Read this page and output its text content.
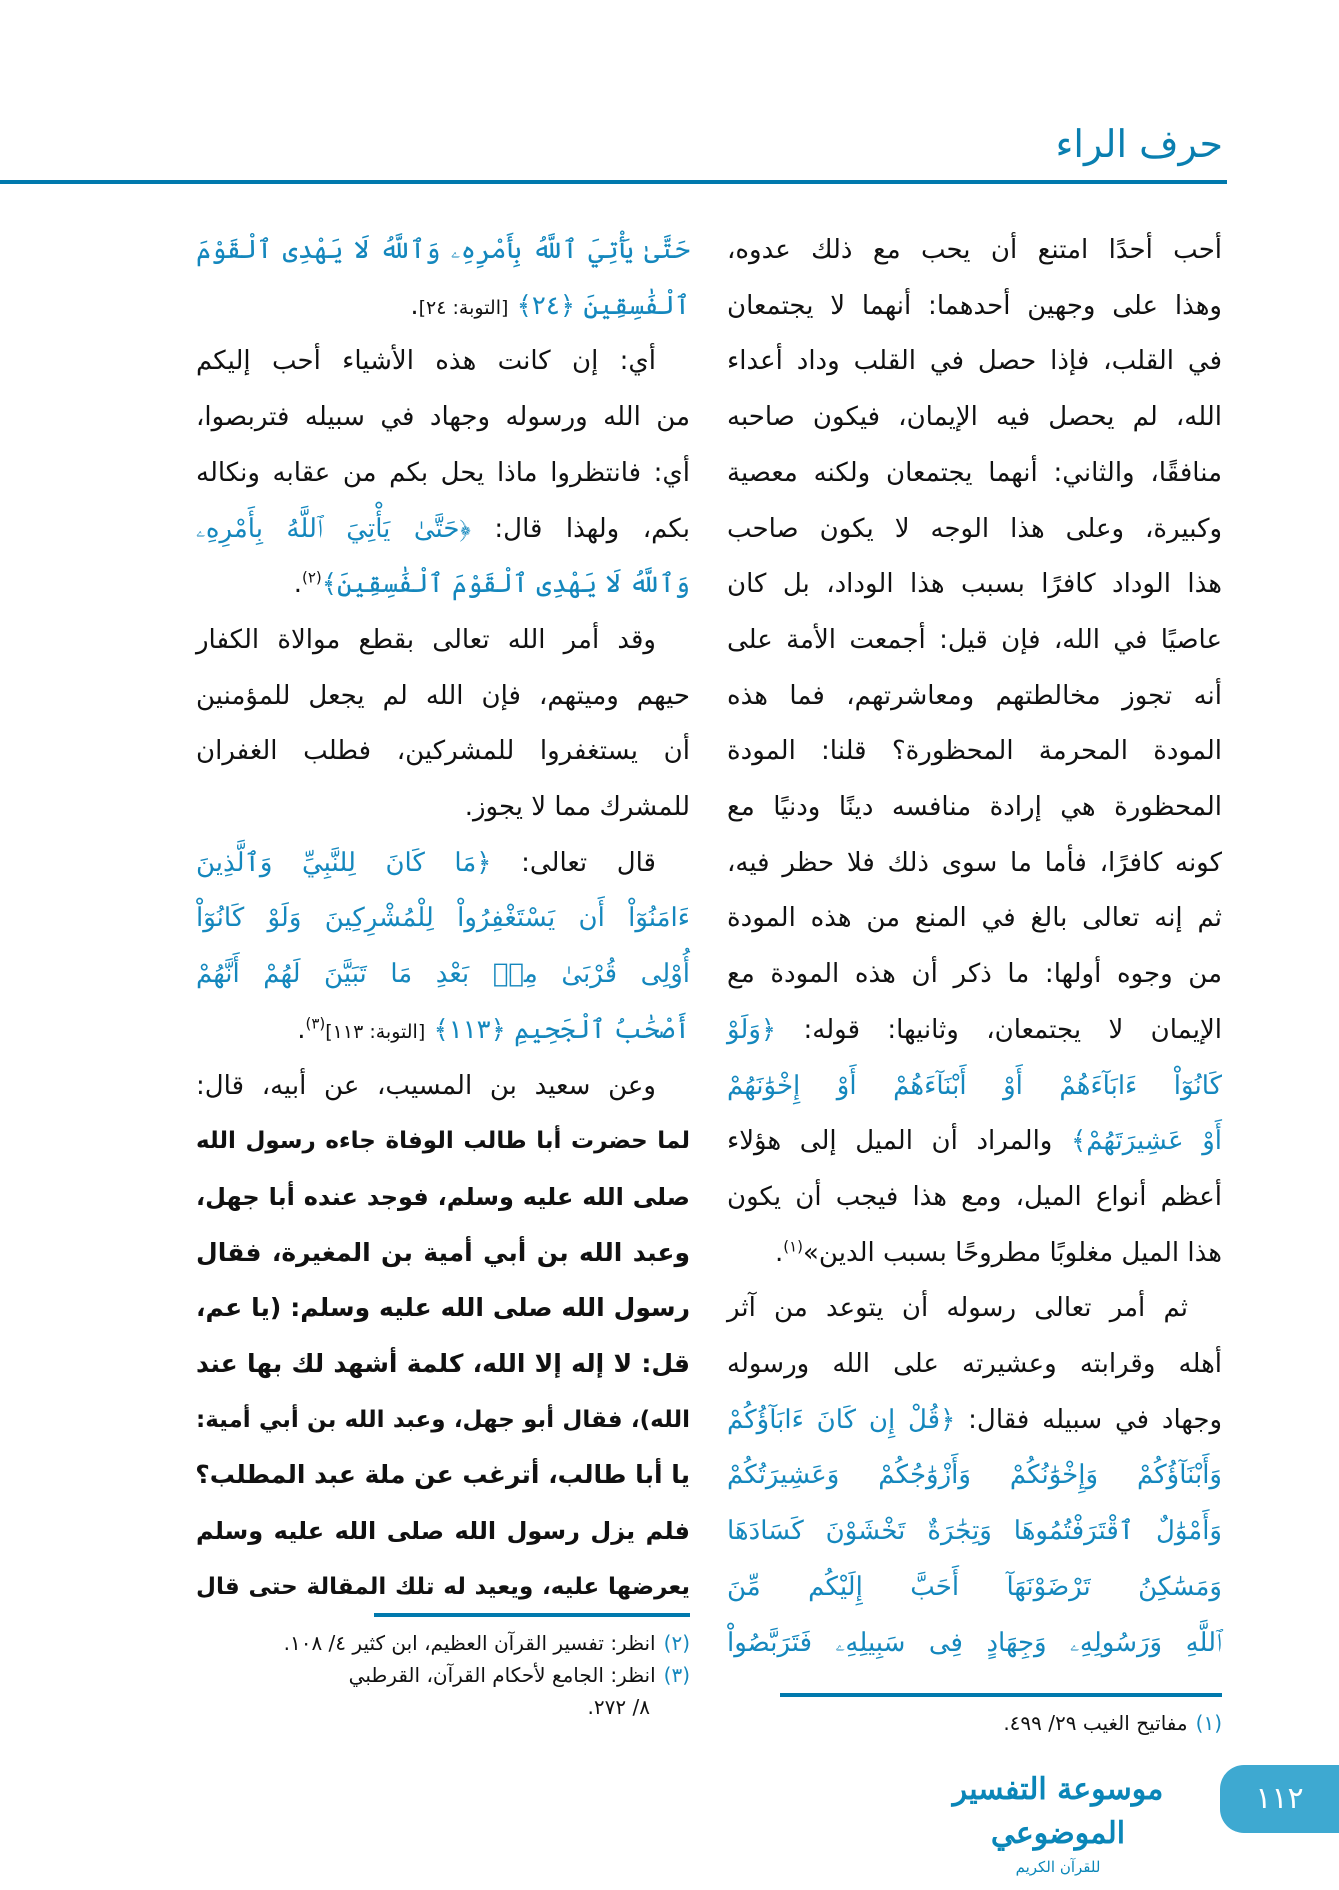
حرف الراء
أحب أحدًا امتنع أن يحب مع ذلك عدوه،
وهذا على وجهين أحدهما: أنهما لا يجتمعان
في القلب، فإذا حصل في القلب وداد أعداء
الله، لم يحصل فيه الإيمان، فيكون صاحبه
منافقًا، والثاني: أنهما يجتمعان ولكنه معصية
وكبيرة، وعلى هذا الوجه لا يكون صاحب
هذا الوداد كافرًا بسبب هذا الوداد، بل كان
عاصيًا في الله، فإن قيل: أجمعت الأمة على
أنه تجوز مخالطتهم ومعاشرتهم، فما هذه
المودة المحرمة المحظورة؟ قلنا: المودة
المحظورة هي إرادة منافسه دينًا ودنيًا مع
كونه كافرًا، فأما ما سوى ذلك فلا حظر فيه،
ثم إنه تعالى بالغ في المنع من هذه المودة
من وجوه أولها: ما ذكر أن هذه المودة مع
الإيمان لا يجتمعان، وثانيها: قوله: ﴿وَلَوْ
كَانُوٓاْ ءَابَآءَهُمْ أَوْ أَبْنَآءَهُمْ أَوْ إِخْوَٰنَهُمْ
أَوْ عَشِيرَتَهُمْ﴾ والمراد أن الميل إلى هؤلاء
أعظم أنواع الميل، ومع هذا فيجب أن يكون
هذا الميل مغلوبًا مطروحًا بسبب الدين»$^{(١)}$.
ثم أمر تعالى رسوله أن يتوعد من آثر
أهله وقرابته وعشيرته على الله ورسوله
وجهاد في سبيله فقال: ﴿قُلْ إِن كَانَ ءَابَآؤُكُمْ
وَأَبْنَآؤُكُمْ وَإِخْوَٰنُكُمْ وَأَزْوَٰجُكُمْ وَعَشِيرَتُكُمْ
وَأَمْوَٰلٌ ٱقْتَرَفْتُمُوهَا وَتِجَٰرَةٌ تَخْشَوْنَ كَسَادَهَا
وَمَسَٰكِنُ تَرْضَوْنَهَآ أَحَبَّ إِلَيْكُم مِّنَ
ٱللَّهِ وَرَسُولِهِۦ وَجِهَادٍ فِى سَبِيلِهِۦ فَتَرَبَّصُواْ
حَتَّىٰ يَأْتِيَ ٱللَّهُ بِأَمْرِهِۦ وَٱللَّهُ لَا يَهْدِى ٱلْقَوْمَ
ٱلْفَٰسِقِينَ ﴿٢٤﴾ [التوبة: ٢٤].
أي: إن كانت هذه الأشياء أحب إليكم
من الله ورسوله وجهاد في سبيله فتربصوا،
أي: فانتظروا ماذا يحل بكم من عقابه ونكاله
بكم، ولهذا قال: ﴿حَتَّىٰ يَأْتِيَ ٱللَّهُ بِأَمْرِهِۦ
وَٱللَّهُ لَا يَهْدِى ٱلْقَوْمَ ٱلْفَٰسِقِينَ﴾$^{(٢)}$.
وقد أمر الله تعالى بقطع موالاة الكفار
حيهم وميتهم، فإن الله لم يجعل للمؤمنين
أن يستغفروا للمشركين، فطلب الغفران
للمشرك مما لا يجوز.
قال تعالى: ﴿مَا كَانَ لِلنَّبِيِّ وَٱلَّذِينَ
ءَامَنُوٓاْ أَن يَسْتَغْفِرُواْ لِلْمُشْرِكِينَ وَلَوْ كَانُوٓاْ
أُوْلِى قُرْبَىٰ مِنۢ بَعْدِ مَا تَبَيَّنَ لَهُمْ أَنَّهُمْ
أَصْحَٰبُ ٱلْجَحِيمِ ﴿١١٣﴾ [التوبة: ١١٣]$^{(٣)}$.
وعن سعيد بن المسيب، عن أبيه، قال:
لما حضرت أبا طالب الوفاة جاءه رسول الله
صلى الله عليه وسلم، فوجد عنده أبا جهل،
وعبد الله بن أبي أمية بن المغيرة، فقال
رسول الله صلى الله عليه وسلم: (يا عم،
قل: لا إله إلا الله، كلمة أشهد لك بها عند
الله)، فقال أبو جهل، وعبد الله بن أبي أمية:
يا أبا طالب، أترغب عن ملة عبد المطلب؟
فلم يزل رسول الله صلى الله عليه وسلم
يعرضها عليه، ويعيد له تلك المقالة حتى قال
(١)مفاتيح الغيب ٢٩/ ٤٩٩.
(٢)انظر: تفسير القرآن العظيم، ابن كثير ٤/ ١٠٨.
(٣)انظر: الجامع لأحكام القرآن، القرطبي
٨/ ٢٧٢.
موسوعة التفسير الموضوعي
للقرآن الكريم
١١٢
